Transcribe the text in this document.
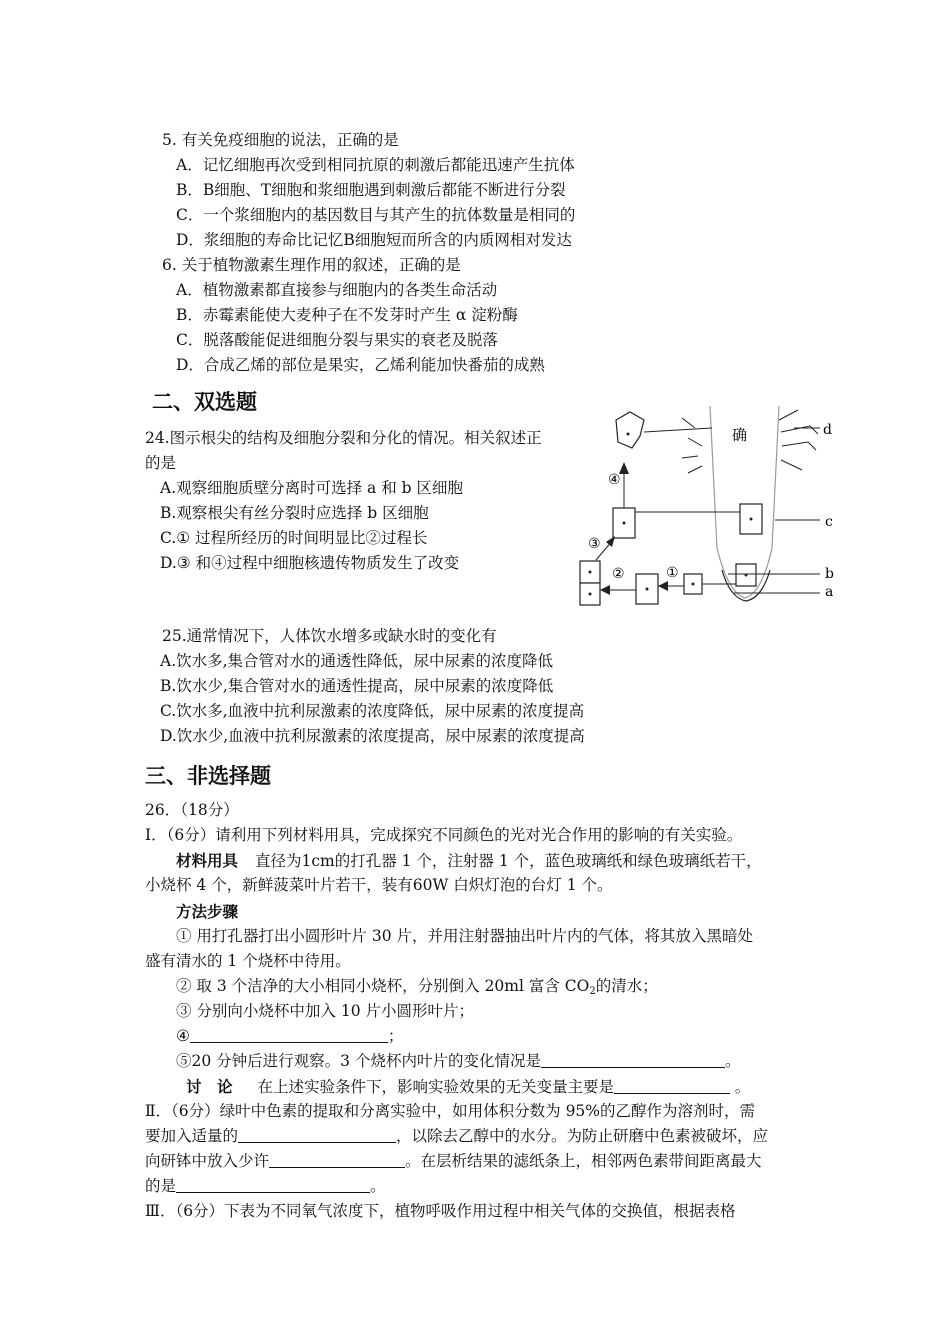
5. 有关免疫细胞的说法，正确的是
A．记忆细胞再次受到相同抗原的刺激后都能迅速产生抗体
B．B细胞、T细胞和浆细胞遇到刺激后都能不断进行分裂
C．一个浆细胞内的基因数目与其产生的抗体数量是相同的
D．浆细胞的寿命比记忆B细胞短而所含的内质网相对发达
6. 关于植物激素生理作用的叙述，正确的是
A．植物激素都直接参与细胞内的各类生命活动
B．赤霉素能使大麦种子在不发芽时产生 α 淀粉酶
C．脱落酸能促进细胞分裂与果实的衰老及脱落
D．合成乙烯的部位是果实，乙烯利能加快番茄的成熟
二、双选题
24.图示根尖的结构及细胞分裂和分化的情况。相关叙述正
的是
A.观察细胞质壁分离时可选择 a 和 b 区细胞
B.观察根尖有丝分裂时应选择 b 区细胞
C.① 过程所经历的时间明显比②过程长
D.③ 和④过程中细胞核遗传物质发生了改变
确	d
④
c
③
②	①	b
a
25.通常情况下，人体饮水增多或缺水时的变化有
A.饮水多,集合管对水的通透性降低，尿中尿素的浓度降低
B.饮水少,集合管对水的通透性提高，尿中尿素的浓度降低
C.饮水多,血液中抗利尿激素的浓度降低，尿中尿素的浓度提高
D.饮水少,血液中抗利尿激素的浓度提高，尿中尿素的浓度提高
三、非选择题
26．（18分）
Ⅰ．（6分）请利用下列材料用具，完成探究不同颜色的光对光合作用的影响的有关实验。
材料用具 直径为1cm的打孔器 1 个，注射器 1 个，蓝色玻璃纸和绿色玻璃纸若干，
小烧杯 4 个，新鲜菠菜叶片若干，装有60W 白炽灯泡的台灯 1 个。
方法步骤
① 用打孔器打出小圆形叶片 30 片，并用注射器抽出叶片内的气体，将其放入黑暗处
盛有清水的 1 个烧杯中待用。
② 取 3 个洁净的大小相同小烧杯，分别倒入 20ml 富含 $CO_2$的清水；
③ 分别向小烧杯中加入 10 片小圆形叶片；
④	；
⑤20 分钟后进行观察。3 个烧杯内叶片的变化情况是	。
讨　论 在上述实验条件下，影响实验效果的无关变量主要是	。
Ⅱ．（6分）绿叶中色素的提取和分离实验中，如用体积分数为 95%的乙醇作为溶剂时，需
要加入适量的	，以除去乙醇中的水分。为防止研磨中色素被破坏，应
向研钵中放入少许	。在层析结果的滤纸条上，相邻两色素带间距离最大
的是	。
Ⅲ．（6分）下表为不同氧气浓度下，植物呼吸作用过程中相关气体的交换值，根据表格
